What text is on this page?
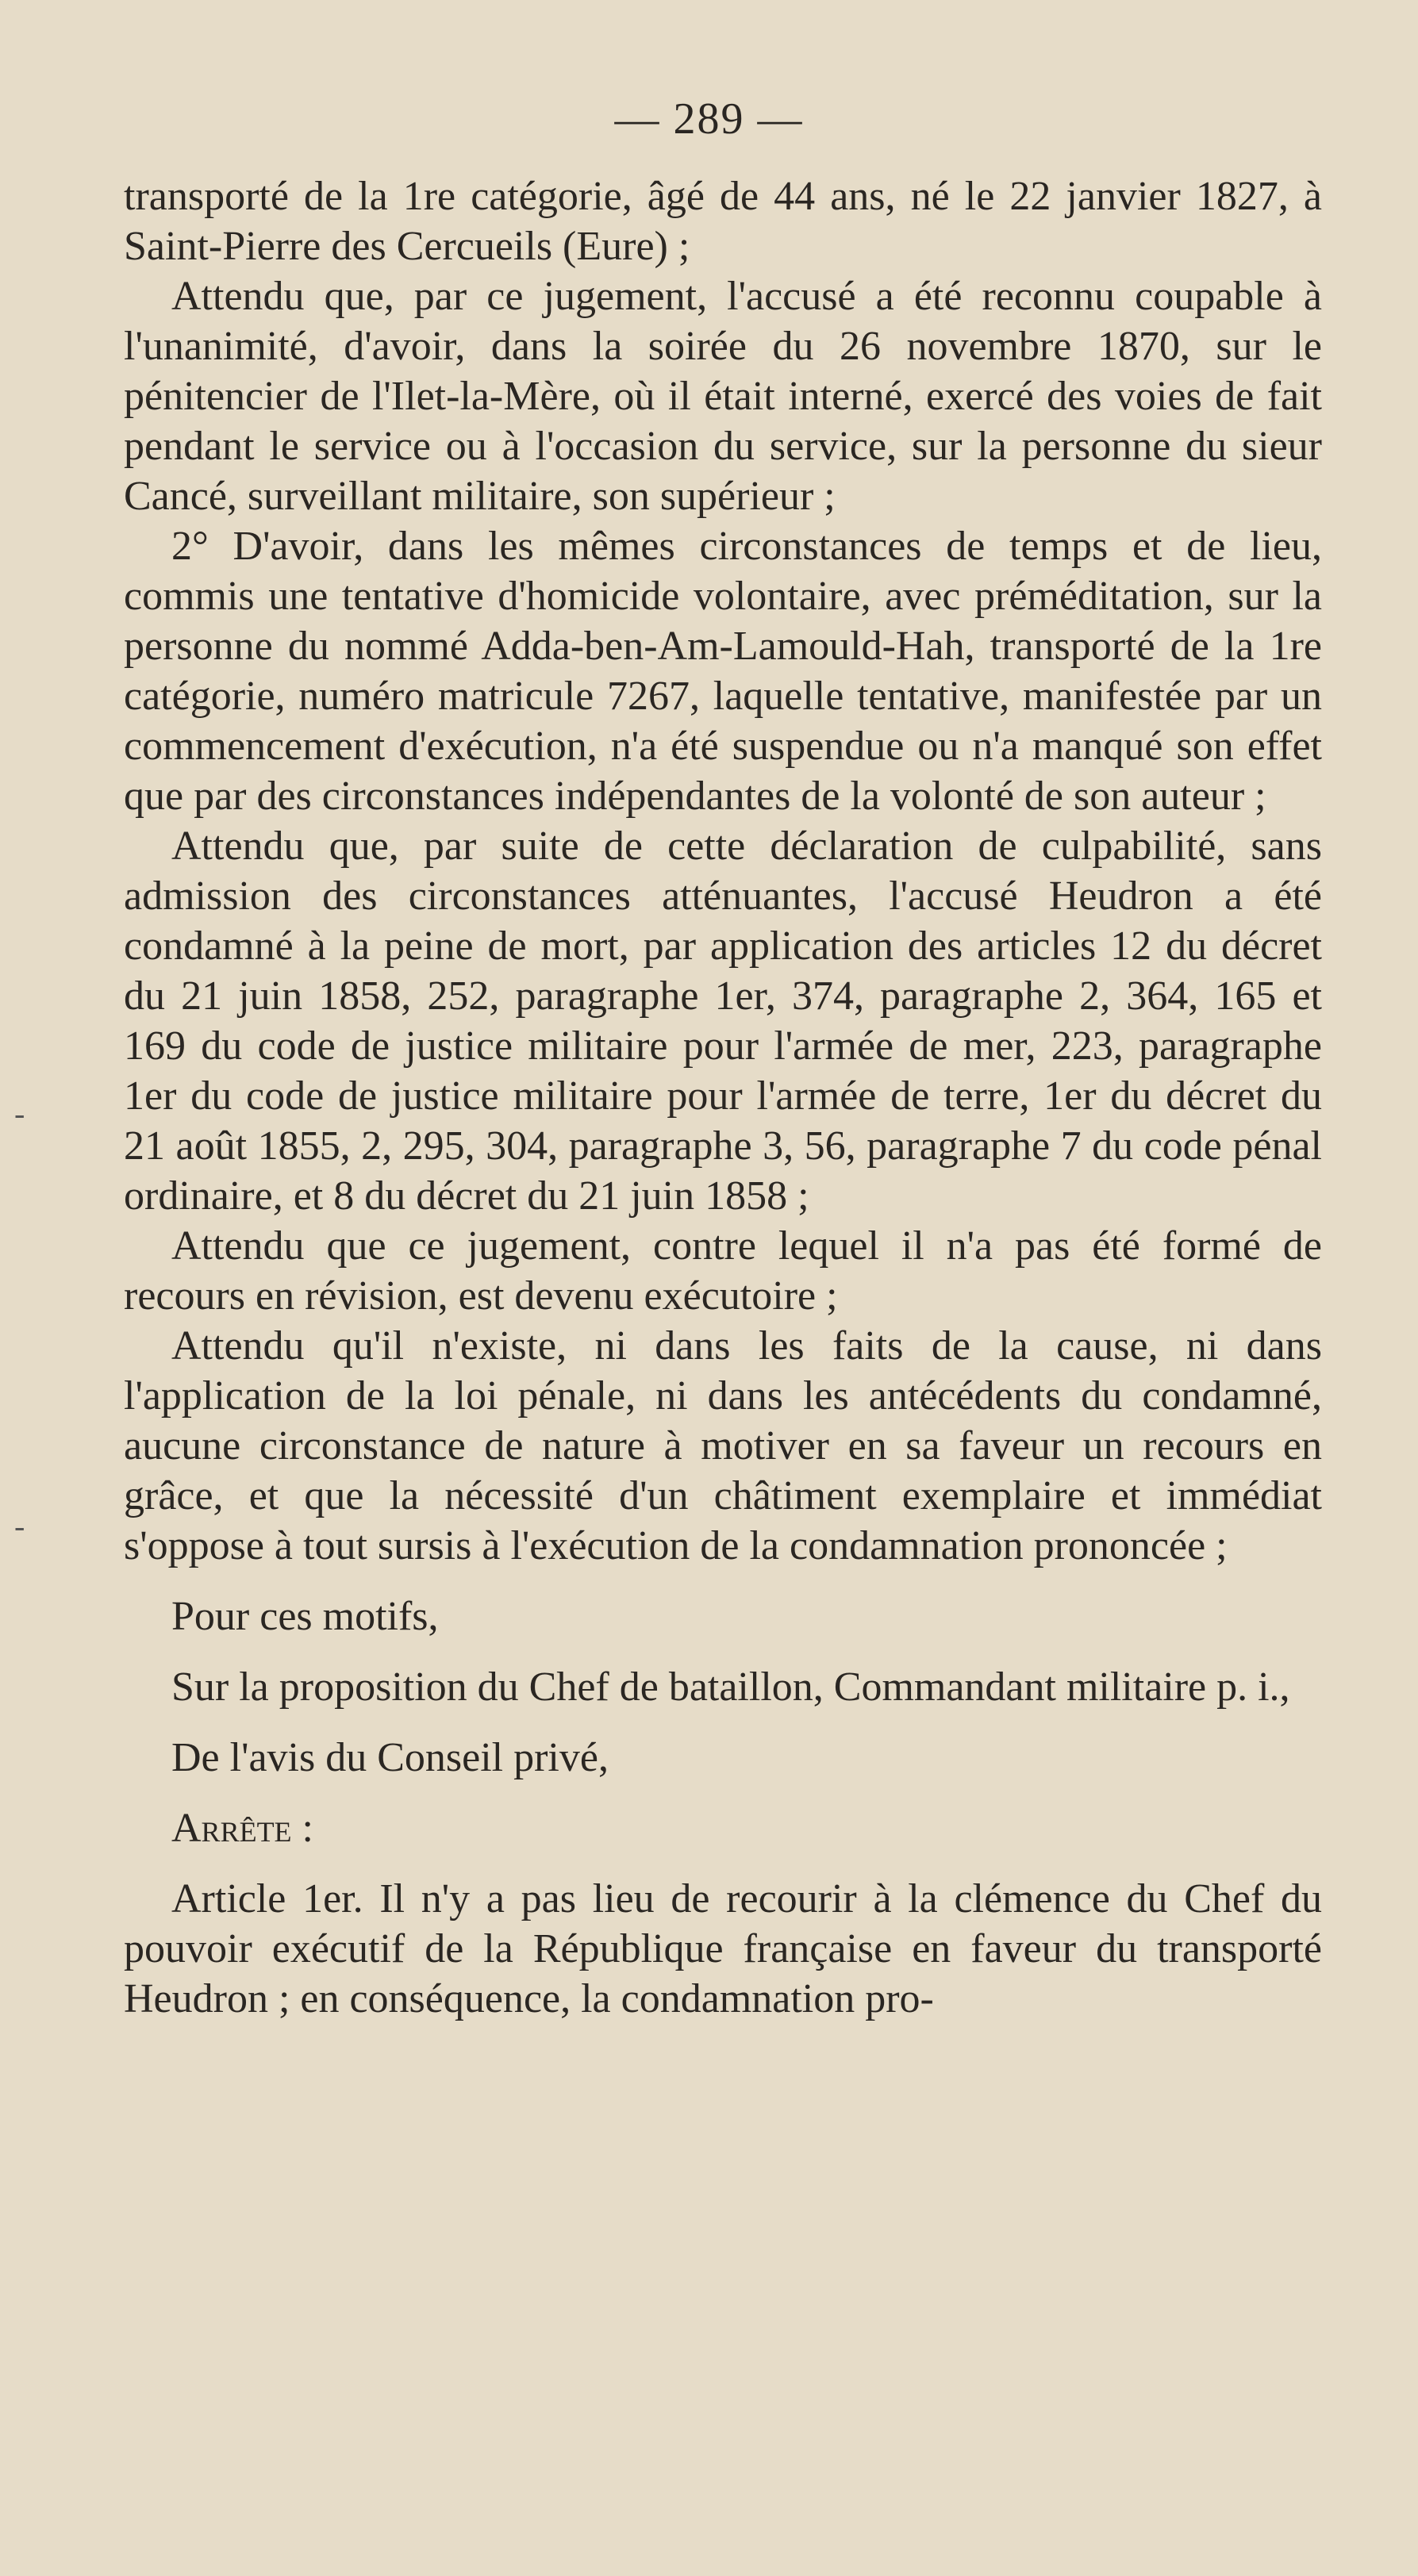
— 289 —

transporté de la 1re catégorie, âgé de 44 ans, né le 22 janvier 1827, à Saint-Pierre des Cercueils (Eure) ;

Attendu que, par ce jugement, l'accusé a été reconnu coupable à l'unanimité, d'avoir, dans la soirée du 26 novembre 1870, sur le pénitencier de l'Ilet-la-Mère, où il était interné, exercé des voies de fait pendant le service ou à l'occasion du service, sur la personne du sieur Cancé, surveillant militaire, son supérieur ;

2° D'avoir, dans les mêmes circonstances de temps et de lieu, commis une tentative d'homicide volontaire, avec préméditation, sur la personne du nommé Adda-ben-Am-Lamould-Hah, transporté de la 1re catégorie, numéro matricule 7267, laquelle tentative, manifestée par un commencement d'exécution, n'a été suspendue ou n'a manqué son effet que par des circonstances indépendantes de la volonté de son auteur ;

Attendu que, par suite de cette déclaration de culpabilité, sans admission des circonstances atténuantes, l'accusé Heudron a été condamné à la peine de mort, par application des articles 12 du décret du 21 juin 1858, 252, paragraphe 1er, 374, paragraphe 2, 364, 165 et 169 du code de justice militaire pour l'armée de mer, 223, paragraphe 1er du code de justice militaire pour l'armée de terre, 1er du décret du 21 août 1855, 2, 295, 304, paragraphe 3, 56, paragraphe 7 du code pénal ordinaire, et 8 du décret du 21 juin 1858 ;

Attendu que ce jugement, contre lequel il n'a pas été formé de recours en révision, est devenu exécutoire ;

Attendu qu'il n'existe, ni dans les faits de la cause, ni dans l'application de la loi pénale, ni dans les antécédents du condamné, aucune circonstance de nature à motiver en sa faveur un recours en grâce, et que la nécessité d'un châtiment exemplaire et immédiat s'oppose à tout sursis à l'exécution de la condamnation prononcée ;

Pour ces motifs,

Sur la proposition du Chef de bataillon, Commandant militaire p. i.,

De l'avis du Conseil privé,

Arrête :

Article 1er. Il n'y a pas lieu de recourir à la clémence du Chef du pouvoir exécutif de la République française en faveur du transporté Heudron ; en conséquence, la condamnation pro-

-
-
